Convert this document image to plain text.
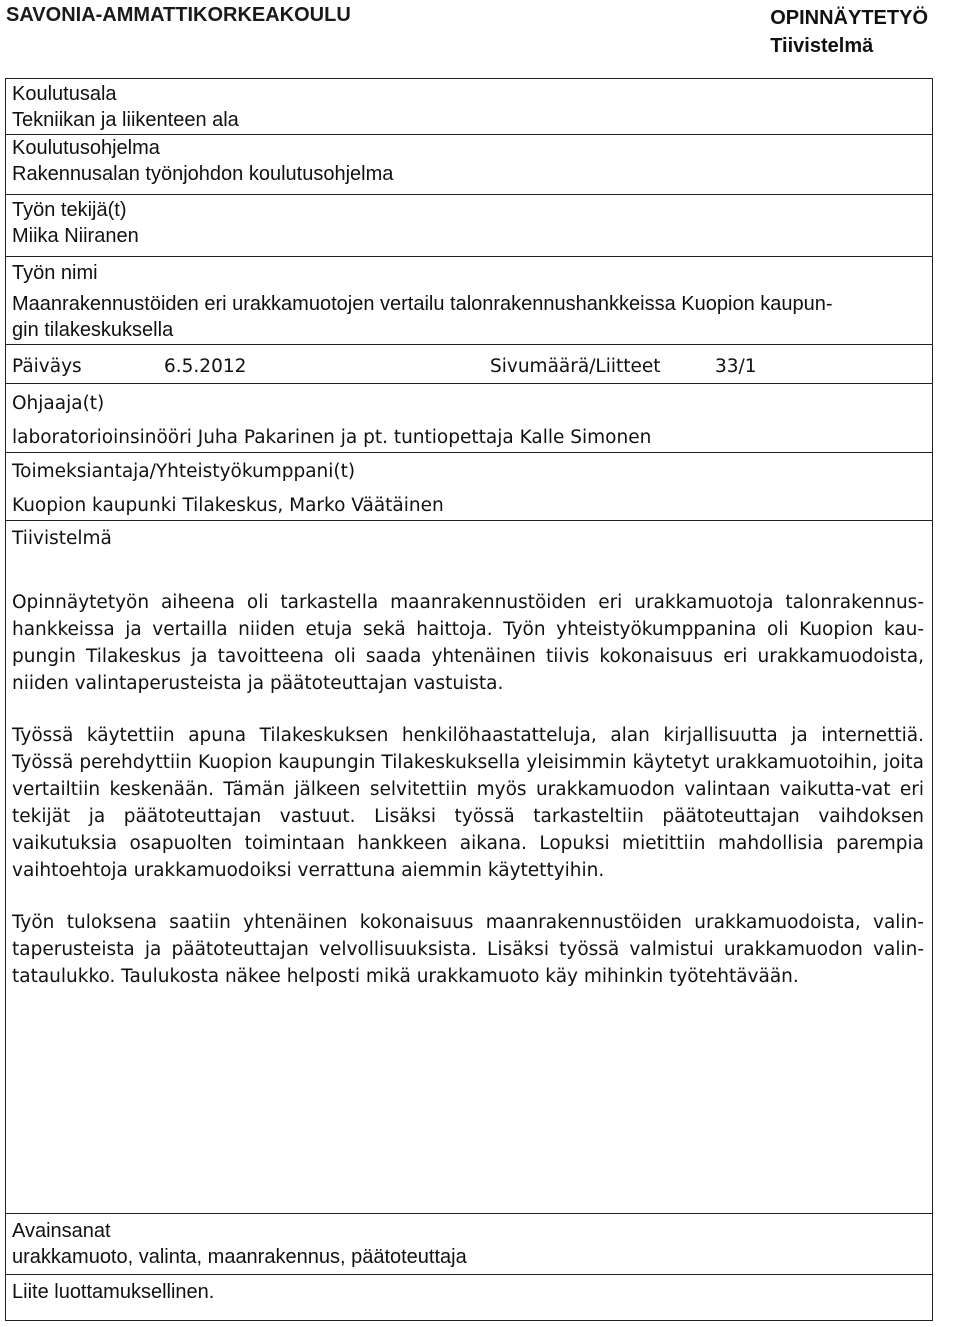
SAVONIA-AMMATTIKORKEAKOULU	OPINNÄYTETYÖ
Tiivistelmä
Koulutusala
Tekniikan ja liikenteen ala
Koulutusohjelma
Rakennusalan työnjohdon koulutusohjelma
Työn tekijä(t)
Miika Niiranen
Työn nimi
Maanrakennustöiden eri urakkamuotojen vertailu talonrakennushankkeissa Kuopion kaupun-
gin tilakeskuksella
Päiväys	6.5.2012	Sivumäärä/Liitteet	33/1
Ohjaaja(t)
laboratorioinsinööri Juha Pakarinen ja pt. tuntiopettaja Kalle Simonen
Toimeksiantaja/Yhteistyökumppani(t)
Kuopion kaupunki Tilakeskus, Marko Väätäinen
Tiivistelmä

Opinnäytetyön aiheena oli tarkastella maanrakennustöiden eri urakkamuotoja talonrakennus-hankkeissa ja vertailla niiden etuja sekä haittoja. Työn yhteistyökumppanina oli Kuopion kau-pungin Tilakeskus ja tavoitteena oli saada yhtenäinen tiivis kokonaisuus eri urakkamuodoista, niiden valintaperusteista ja päätoteuttajan vastuista.

Työssä käytettiin apuna Tilakeskuksen henkilöhaastatteluja, alan kirjallisuutta ja internettiä. Työssä perehdyttiin Kuopion kaupungin Tilakeskuksella yleisimmin käytetyt urakkamuotoihin, joita vertailtiin keskenään. Tämän jälkeen selvitettiin myös urakkamuodon valintaan vaikutta-vat eri tekijät ja päätoteuttajan vastuut. Lisäksi työssä tarkasteltiin päätoteuttajan vaihdoksen vaikutuksia osapuolten toimintaan hankkeen aikana. Lopuksi mietittiin mahdollisia parempia vaihtoehtoja urakkamuodoiksi verrattuna aiemmin käytettyihin.

Työn tuloksena saatiin yhtenäinen kokonaisuus maanrakennustöiden urakkamuodoista, valin-taperusteista ja päätoteuttajan velvollisuuksista. Lisäksi työssä valmistui urakkamuodon valin-tataulukko. Taulukosta näkee helposti mikä urakkamuoto käy mihinkin työtehtävään.

Avainsanat
urakkamuoto, valinta, maanrakennus, päätoteuttaja
Liite luottamuksellinen.
